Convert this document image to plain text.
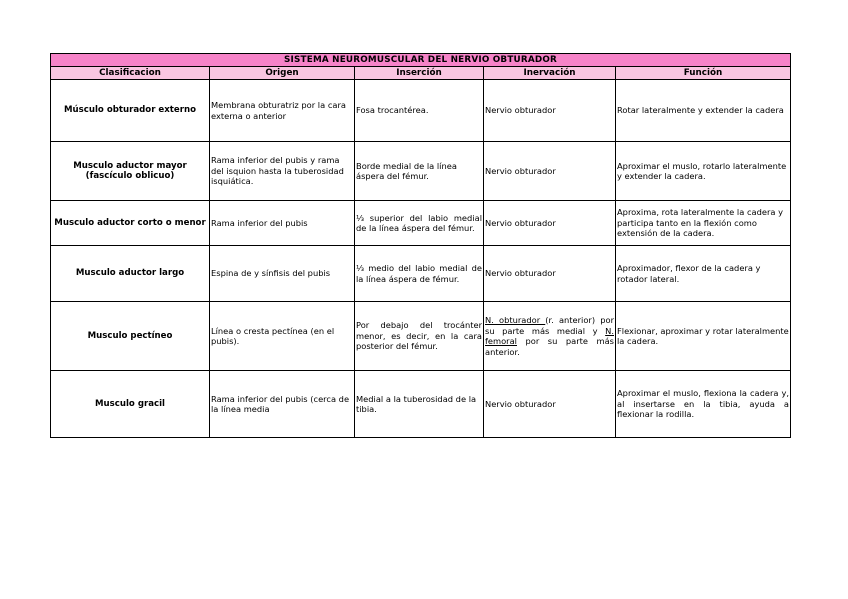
SISTEMA NEUROMUSCULAR DEL NERVIO OBTURADOR				
Clasificacion	Origen	Inserción	Inervación	Función
Músculo obturador externo	Membrana obturatriz por la cara externa o anterior	Fosa trocantérea.	Nervio obturador	Rotar lateralmente y extender la cadera
Musculo aductor mayor (fascículo oblicuo)	Rama inferior del pubis y rama del isquion hasta la tuberosidad isquiática.	Borde medial de la línea áspera del fémur.	Nervio obturador	Aproximar el muslo, rotarlo lateralmente y extender la cadera.
Musculo aductor corto o menor	Rama inferior del pubis	⅓ superior del labio medial de la línea áspera del fémur.	Nervio obturador	Aproxima, rota lateralmente la cadera y participa tanto en la flexión como extensión de la cadera.
Musculo aductor largo	Espina de y sínfisis del pubis	⅓ medio del labio medial de la línea áspera de fémur.	Nervio obturador	Aproximador, flexor de la cadera y rotador lateral.
Musculo pectíneo	Línea o cresta pectínea (en el pubis).	Por debajo del trocánter menor, es decir, en la cara posterior del fémur.	N. obturador (r. anterior) por su parte más medial y N. femoral por su parte más anterior.	Flexionar, aproximar y rotar lateralmente la cadera.
Musculo gracil	Rama inferior del pubis (cerca de la línea media	Medial a la tuberosidad de la tibia.	Nervio obturador	Aproximar el muslo, flexiona la cadera y, al insertarse en la tibia, ayuda a flexionar la rodilla.
